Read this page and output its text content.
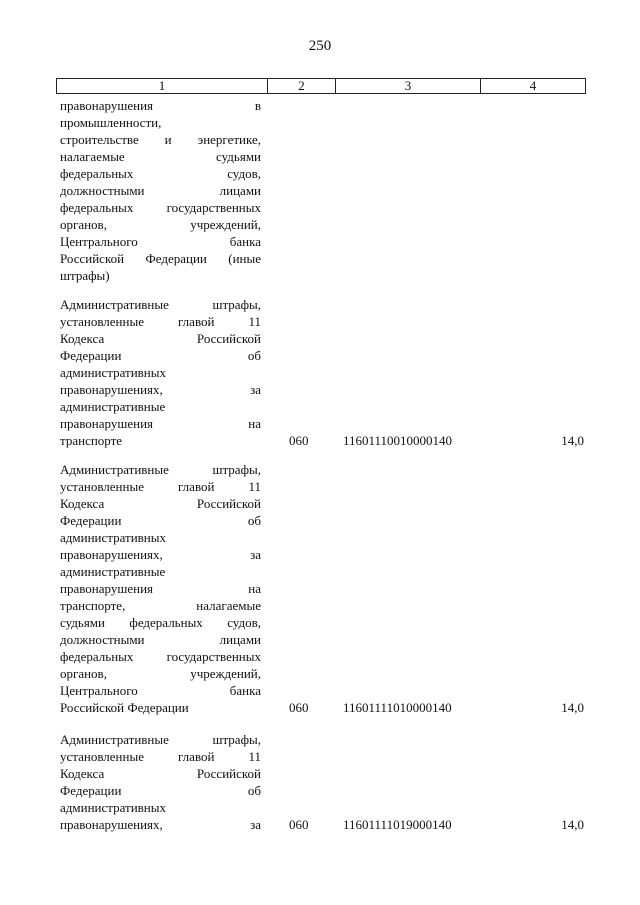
250
1	2	3	4
правонарушения в
промышленности,
строительстве и энергетике,
налагаемые судьями
федеральных судов,
должностными лицами
федеральных государственных
органов, учреждений,
Центрального банка
Российской Федерации (иные
штрафы)
Административные штрафы,
установленные главой 11
Кодекса Российской
Федерации об
административных
правонарушениях, за
административные
правонарушения на
транспорте	060	11601110010000140	14,0
Административные штрафы,
установленные главой 11
Кодекса Российской
Федерации об
административных
правонарушениях, за
административные
правонарушения на
транспорте, налагаемые
судьями федеральных судов,
должностными лицами
федеральных государственных
органов, учреждений,
Центрального банка
Российской Федерации	060	11601111010000140	14,0
Административные штрафы,
установленные главой 11
Кодекса Российской
Федерации об
административных
правонарушениях, за 060	11601111019000140	14,0
